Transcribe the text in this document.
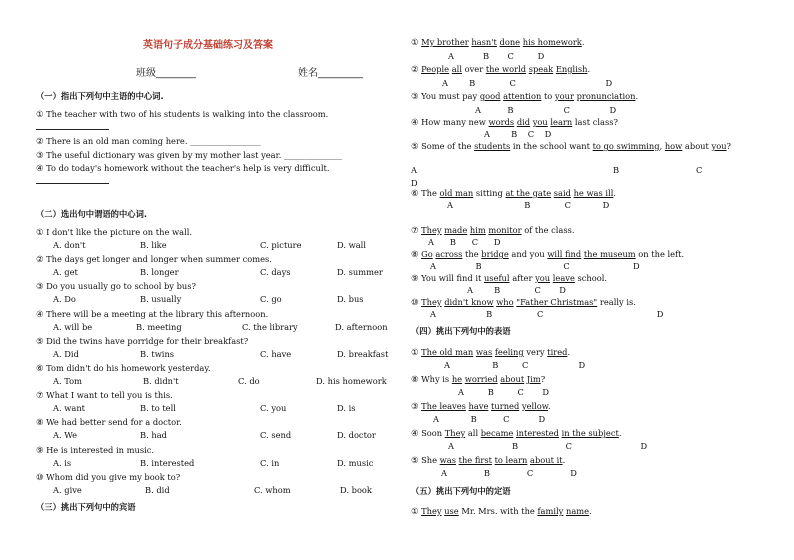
英语句子成分基础练习及答案
班级________	姓名_________
（一）指出下列句中主语的中心词.
① The teacher with two of his students is walking into the classroom.
② There is an old man coming here. _________________
③ The useful dictionary was given by my mother last year. ______________
④ To do today's homework without the teacher's help is very difficult.
（二）选出句中谓语的中心词.
① I don't like the picture on the wall.
A. don't	B. like	C. picture	D. wall
② The days get longer and longer when summer comes.
A. get	B. longer	C. days	D. summer
③ Do you usually go to school by bus?
A. Do	B. usually	C. go	D. bus
④ There will be a meeting at the library this afternoon.
A. will be	B. meeting	C. the library	D. afternoon
⑤ Did the twins have porridge for their breakfast?
A. Did	B. twins	C. have	D. breakfast
⑥ Tom didn't do his homework yesterday.
A. Tom	B. didn't	C. do	D. his homework
⑦ What I want to tell you is this.
A. want	B. to tell	C. you	D. is
⑧ We had better send for a doctor.
A. We	B. had	C. send	D. doctor
⑨ He is interested in music.
A. is	B. interested	C. in	D. music
⑩ Whom did you give my book to?
A. give	B. did	C. whom	D. book
（三）挑出下列句中的宾语
① My brother hasn't done his homework.
A           B       C         D
② People all over the world speak English.
A        B             C                                  D
③ You must pay good attention to your pronunciation.
A          B                   C               D
④ How many new words did you learn last class?
A        B    C    D
⑤ Some of the students in the school want to go swimming, how about you?
A	B	C
D
⑥ The old man sitting at the gate said he was ill.
A                           B             C            D
⑦ They made him monitor of the class.
A      B      C      D
⑧ Go across the bridge and you will find the museum on the left.
A               B                               C                        D
⑨ You will find it useful after you leave school.
A        B             C       D
⑩ They didn't know who "Father Christmas" really is.
A                   B                 C                                           D
（四）挑出下列句中的表语
① The old man was feeling very tired.
A                B         C                   D
⑧ Why is he worried about Jim?
A         B         C       D
③ The leaves have turned yellow.
A            B          C           D
④ Soon They all became interested in the subject.
A                      B                  C                          D
⑤ She was the first to learn about it.
A              B              C              D
（五）挑出下列句中的定语
① They use Mr. Mrs. with the family name.
